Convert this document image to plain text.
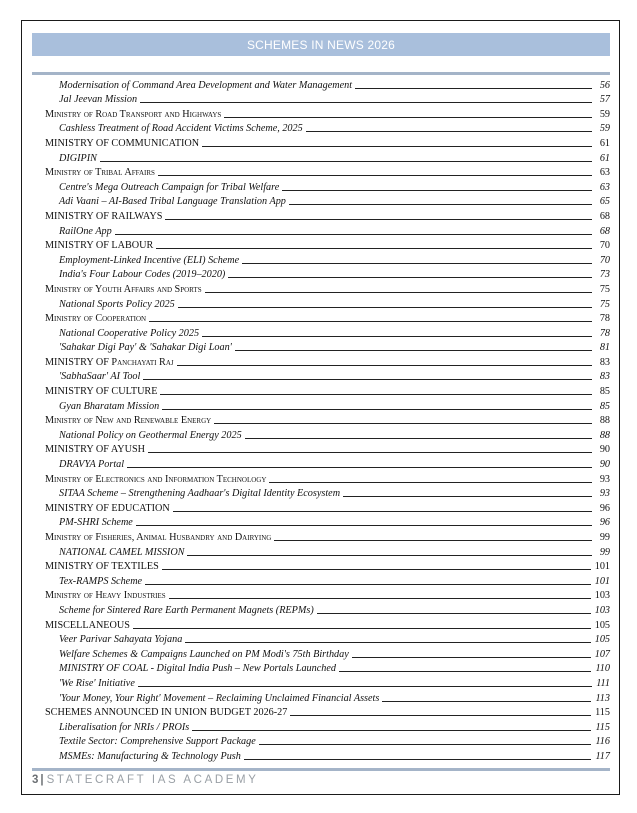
SCHEMES IN NEWS 2026
Modernisation of Command Area Development and Water Management	56
Jal Jeevan Mission	57
Ministry of Road Transport and Highways	59
Cashless Treatment of Road Accident Victims Scheme, 2025	59
MINISTRY OF COMMUNICATION	61
DIGIPIN	61
Ministry of Tribal Affairs	63
Centre's Mega Outreach Campaign for Tribal Welfare	63
Adi Vaani – AI-Based Tribal Language Translation App	65
MINISTRY OF RAILWAYS	68
RailOne App	68
MINISTRY OF LABOUR	70
Employment-Linked Incentive (ELI) Scheme	70
India's Four Labour Codes (2019–2020)	73
Ministry of Youth Affairs and Sports	75
National Sports Policy 2025	75
Ministry of Cooperation	78
National Cooperative Policy 2025	78
'Sahakar Digi Pay' & 'Sahakar Digi Loan'	81
MINISTRY OF Panchayati Raj	83
'SabhaSaar' AI Tool	83
MINISTRY OF CULTURE	85
Gyan Bharatam Mission	85
Ministry of New and Renewable Energy	88
National Policy on Geothermal Energy 2025	88
MINISTRY OF AYUSH	90
DRAVYA Portal	90
Ministry of Electronics and Information Technology	93
SITAA Scheme – Strengthening Aadhaar's Digital Identity Ecosystem	93
MINISTRY OF EDUCATION	96
PM-SHRI Scheme	96
Ministry of Fisheries, Animal Husbandry and Dairying	99
NATIONAL CAMEL MISSION	99
MINISTRY OF TEXTILES	101
Tex-RAMPS Scheme	101
Ministry of Heavy Industries	103
Scheme for Sintered Rare Earth Permanent Magnets (REPMs)	103
MISCELLANEOUS	105
Veer Parivar Sahayata Yojana	105
Welfare Schemes & Campaigns Launched on PM Modi's 75th Birthday	107
MINISTRY OF COAL - Digital India Push – New Portals Launched	110
'We Rise' Initiative	111
'Your Money, Your Right' Movement – Reclaiming Unclaimed Financial Assets	113
SCHEMES ANNOUNCED IN UNION BUDGET 2026-27	115
Liberalisation for NRIs / PROIs	115
Textile Sector: Comprehensive Support Package	116
MSMEs: Manufacturing & Technology Push	117
3 | STATECRAFT IAS ACADEMY
